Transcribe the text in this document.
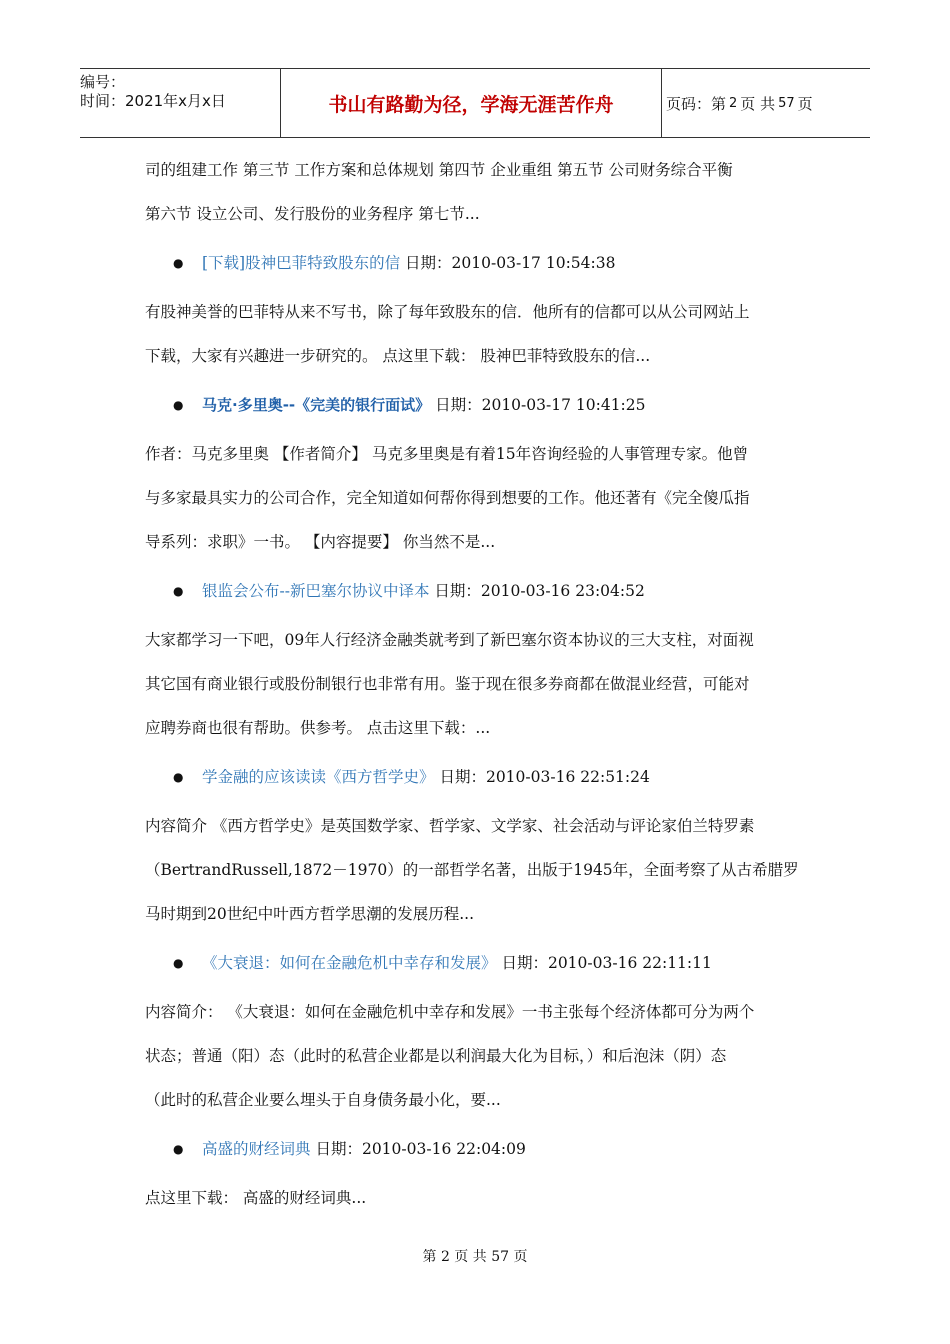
编号：
时间：2021年x月x日	书山有路勤为径，学海无涯苦作舟	页码：第 2 页 共 57 页

司的组建工作 第三节 工作方案和总体规划 第四节 企业重组 第五节 公司财务综合平衡

第六节 设立公司、发行股份的业务程序 第七节...

● [下载]股神巴菲特致股东的信 日期：2010-03-17 10:54:38

有股神美誉的巴菲特从来不写书，除了每年致股东的信．他所有的信都可以从公司网站上

下载，大家有兴趣进一步研究的。 点这里下载： 股神巴菲特致股东的信...

● 马克·多里奥--《完美的银行面试》 日期：2010-03-17 10:41:25

作者：马克多里奥 【作者简介】 马克多里奥是有着15年咨询经验的人事管理专家。他曾

与多家最具实力的公司合作，完全知道如何帮你得到想要的工作。他还著有《完全傻瓜指

导系列：求职》一书。 【内容提要】 你当然不是...

● 银监会公布--新巴塞尔协议中译本 日期：2010-03-16 23:04:52

大家都学习一下吧，09年人行经济金融类就考到了新巴塞尔资本协议的三大支柱，对面视

其它国有商业银行或股份制银行也非常有用。鉴于现在很多券商都在做混业经营，可能对

应聘券商也很有帮助。供参考。 点击这里下载：...

● 学金融的应该读读《西方哲学史》 日期：2010-03-16 22:51:24

内容简介 《西方哲学史》是英国数学家、哲学家、文学家、社会活动与评论家伯兰特罗素

（BertrandRussell,1872－1970）的一部哲学名著，出版于1945年，全面考察了从古希腊罗

马时期到20世纪中叶西方哲学思潮的发展历程...

● 《大衰退：如何在金融危机中幸存和发展》 日期：2010-03-16 22:11:11

内容简介： 《大衰退：如何在金融危机中幸存和发展》一书主张每个经济体都可分为两个

状态；普通（阳）态（此时的私营企业都是以利润最大化为目标，）和后泡沫（阴）态

（此时的私营企业要么埋头于自身债务最小化，要...

● 高盛的财经词典 日期：2010-03-16 22:04:09

点这里下载： 高盛的财经词典...

第 2 页 共 57 页
